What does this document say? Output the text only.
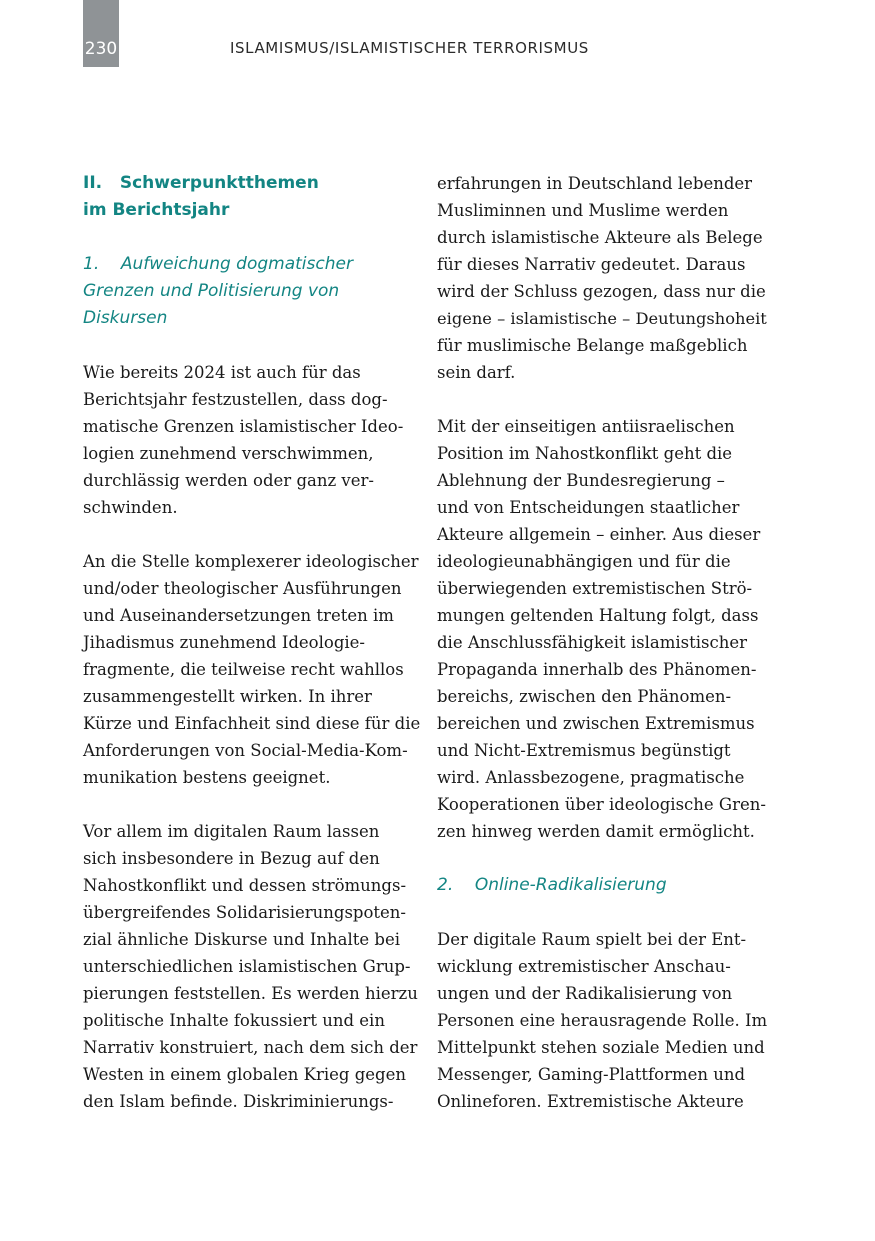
230	ISLAMISMUS/ISLAMISTISCHER TERRORISMUS
II.   Schwerpunktthemen
im Berichtsjahr
1.    Aufweichung dogmatischer
Grenzen und Politisierung von
Diskursen
Wie bereits 2024 ist auch für das
Berichtsjahr festzustellen, dass dog-
matische Grenzen islamistischer Ideo-
logien zunehmend verschwimmen,
durchlässig werden oder ganz ver-
schwinden.
An die Stelle komplexerer ideologischer
und/oder theologischer Ausführungen
und Auseinandersetzungen treten im
Jihadismus zunehmend Ideologie-
fragmente, die teilweise recht wahllos
zusammengestellt wirken. In ihrer
Kürze und Einfachheit sind diese für die
Anforderungen von Social-Media-Kom-
munikation bestens geeignet.
Vor allem im digitalen Raum lassen
sich insbesondere in Bezug auf den
Nahostkonflikt und dessen strömungs-
übergreifendes Solidarisierungspoten-
zial ähnliche Diskurse und Inhalte bei
unterschiedlichen islamistischen Grup-
pierungen feststellen. Es werden hierzu
politische Inhalte fokussiert und ein
Narrativ konstruiert, nach dem sich der
Westen in einem globalen Krieg gegen
den Islam befinde. Diskriminierungs-
erfahrungen in Deutschland lebender
Musliminnen und Muslime werden
durch islamistische Akteure als Belege
für dieses Narrativ gedeutet. Daraus
wird der Schluss gezogen, dass nur die
eigene – islamistische – Deutungshoheit
für muslimische Belange maßgeblich
sein darf.
Mit der einseitigen antiisraelischen
Position im Nahostkonflikt geht die
Ablehnung der Bundesregierung –
und von Entscheidungen staatlicher
Akteure allgemein – einher. Aus dieser
ideologieunabhängigen und für die
überwiegenden extremistischen Strö-
mungen geltenden Haltung folgt, dass
die Anschlussfähigkeit islamistischer
Propaganda innerhalb des Phänomen-
bereichs, zwischen den Phänomen-
bereichen und zwischen Extremismus
und Nicht-Extremismus begünstigt
wird. Anlassbezogene, pragmatische
Kooperationen über ideologische Gren-
zen hinweg werden damit ermöglicht.
2.    Online-Radikalisierung
Der digitale Raum spielt bei der Ent-
wicklung extremistischer Anschau-
ungen und der Radikalisierung von
Personen eine herausragende Rolle. Im
Mittelpunkt stehen soziale Medien und
Messenger, Gaming-Plattformen und
Onlineforen. Extremistische Akteure
